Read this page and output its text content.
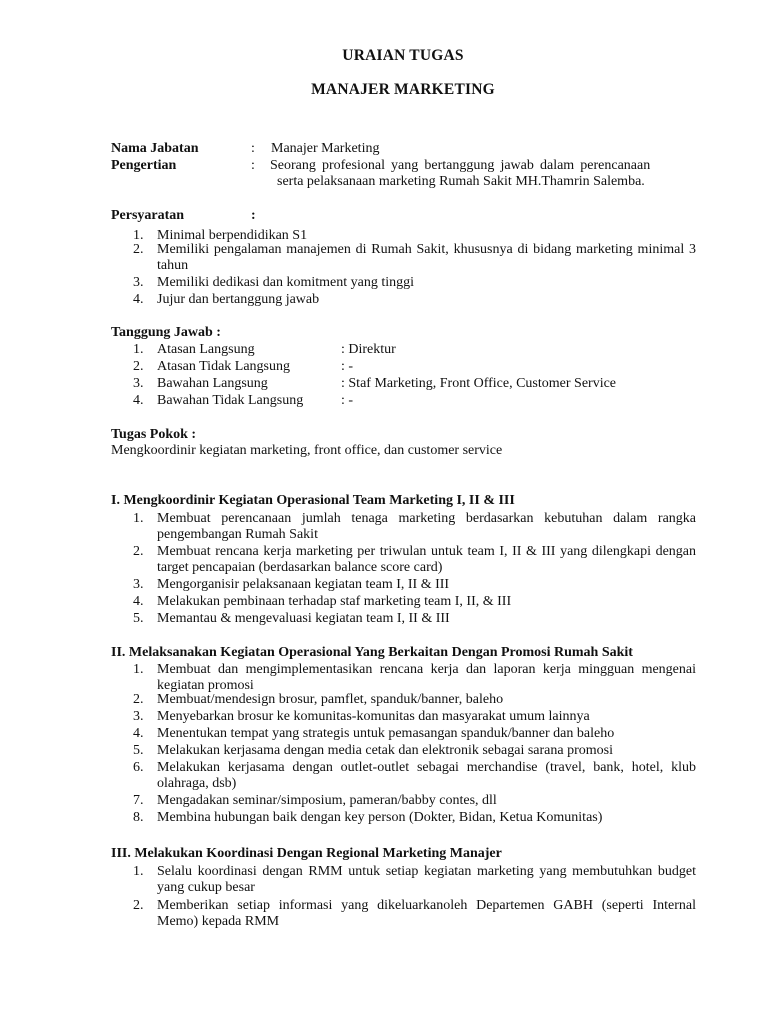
URAIAN TUGAS
MANAJER MARKETING
Nama Jabatan	: Manajer Marketing
Pengertian	: Seorang profesional yang bertanggung jawab dalam perencanaan
serta pelaksanaan marketing Rumah Sakit MH.Thamrin Salemba.
Persyaratan	:
1. Minimal berpendidikan S1
2. Memiliki pengalaman manajemen di Rumah Sakit, khususnya di bidang marketing minimal 3 tahun
3. Memiliki dedikasi dan komitment yang tinggi
4. Jujur dan bertanggung jawab
Tanggung Jawab :
1. Atasan Langsung	: Direktur
2. Atasan Tidak Langsung	: -
3. Bawahan Langsung	: Staf Marketing, Front Office, Customer Service
4. Bawahan Tidak Langsung	: -
Tugas Pokok :
Mengkoordinir kegiatan marketing, front office, dan customer service
I. Mengkoordinir Kegiatan Operasional Team Marketing I, II & III
1. Membuat perencanaan jumlah tenaga marketing berdasarkan kebutuhan dalam rangka pengembangan Rumah Sakit
2. Membuat rencana kerja marketing per triwulan untuk team I, II & III yang dilengkapi dengan target pencapaian (berdasarkan balance score card)
3. Mengorganisir pelaksanaan kegiatan team I, II & III
4. Melakukan pembinaan terhadap staf marketing team I, II, & III
5. Memantau & mengevaluasi kegiatan team I, II & III
II. Melaksanakan Kegiatan Operasional Yang Berkaitan Dengan Promosi Rumah Sakit
1. Membuat dan mengimplementasikan rencana kerja dan laporan kerja mingguan mengenai kegiatan promosi
2. Membuat/mendesign brosur, pamflet, spanduk/banner, baleho
3. Menyebarkan brosur ke komunitas-komunitas dan masyarakat umum lainnya
4. Menentukan tempat yang strategis untuk pemasangan spanduk/banner dan baleho
5. Melakukan kerjasama dengan media cetak dan elektronik sebagai sarana promosi
6. Melakukan kerjasama dengan outlet-outlet sebagai merchandise (travel, bank, hotel, klub olahraga, dsb)
7. Mengadakan seminar/simposium, pameran/babby contes, dll
8. Membina hubungan baik dengan key person (Dokter, Bidan, Ketua Komunitas)
III. Melakukan Koordinasi Dengan Regional Marketing Manajer
1. Selalu koordinasi dengan RMM untuk setiap kegiatan marketing yang membutuhkan budget yang cukup besar
2. Memberikan setiap informasi yang dikeluarkanoleh Departemen GABH (seperti Internal Memo) kepada RMM
